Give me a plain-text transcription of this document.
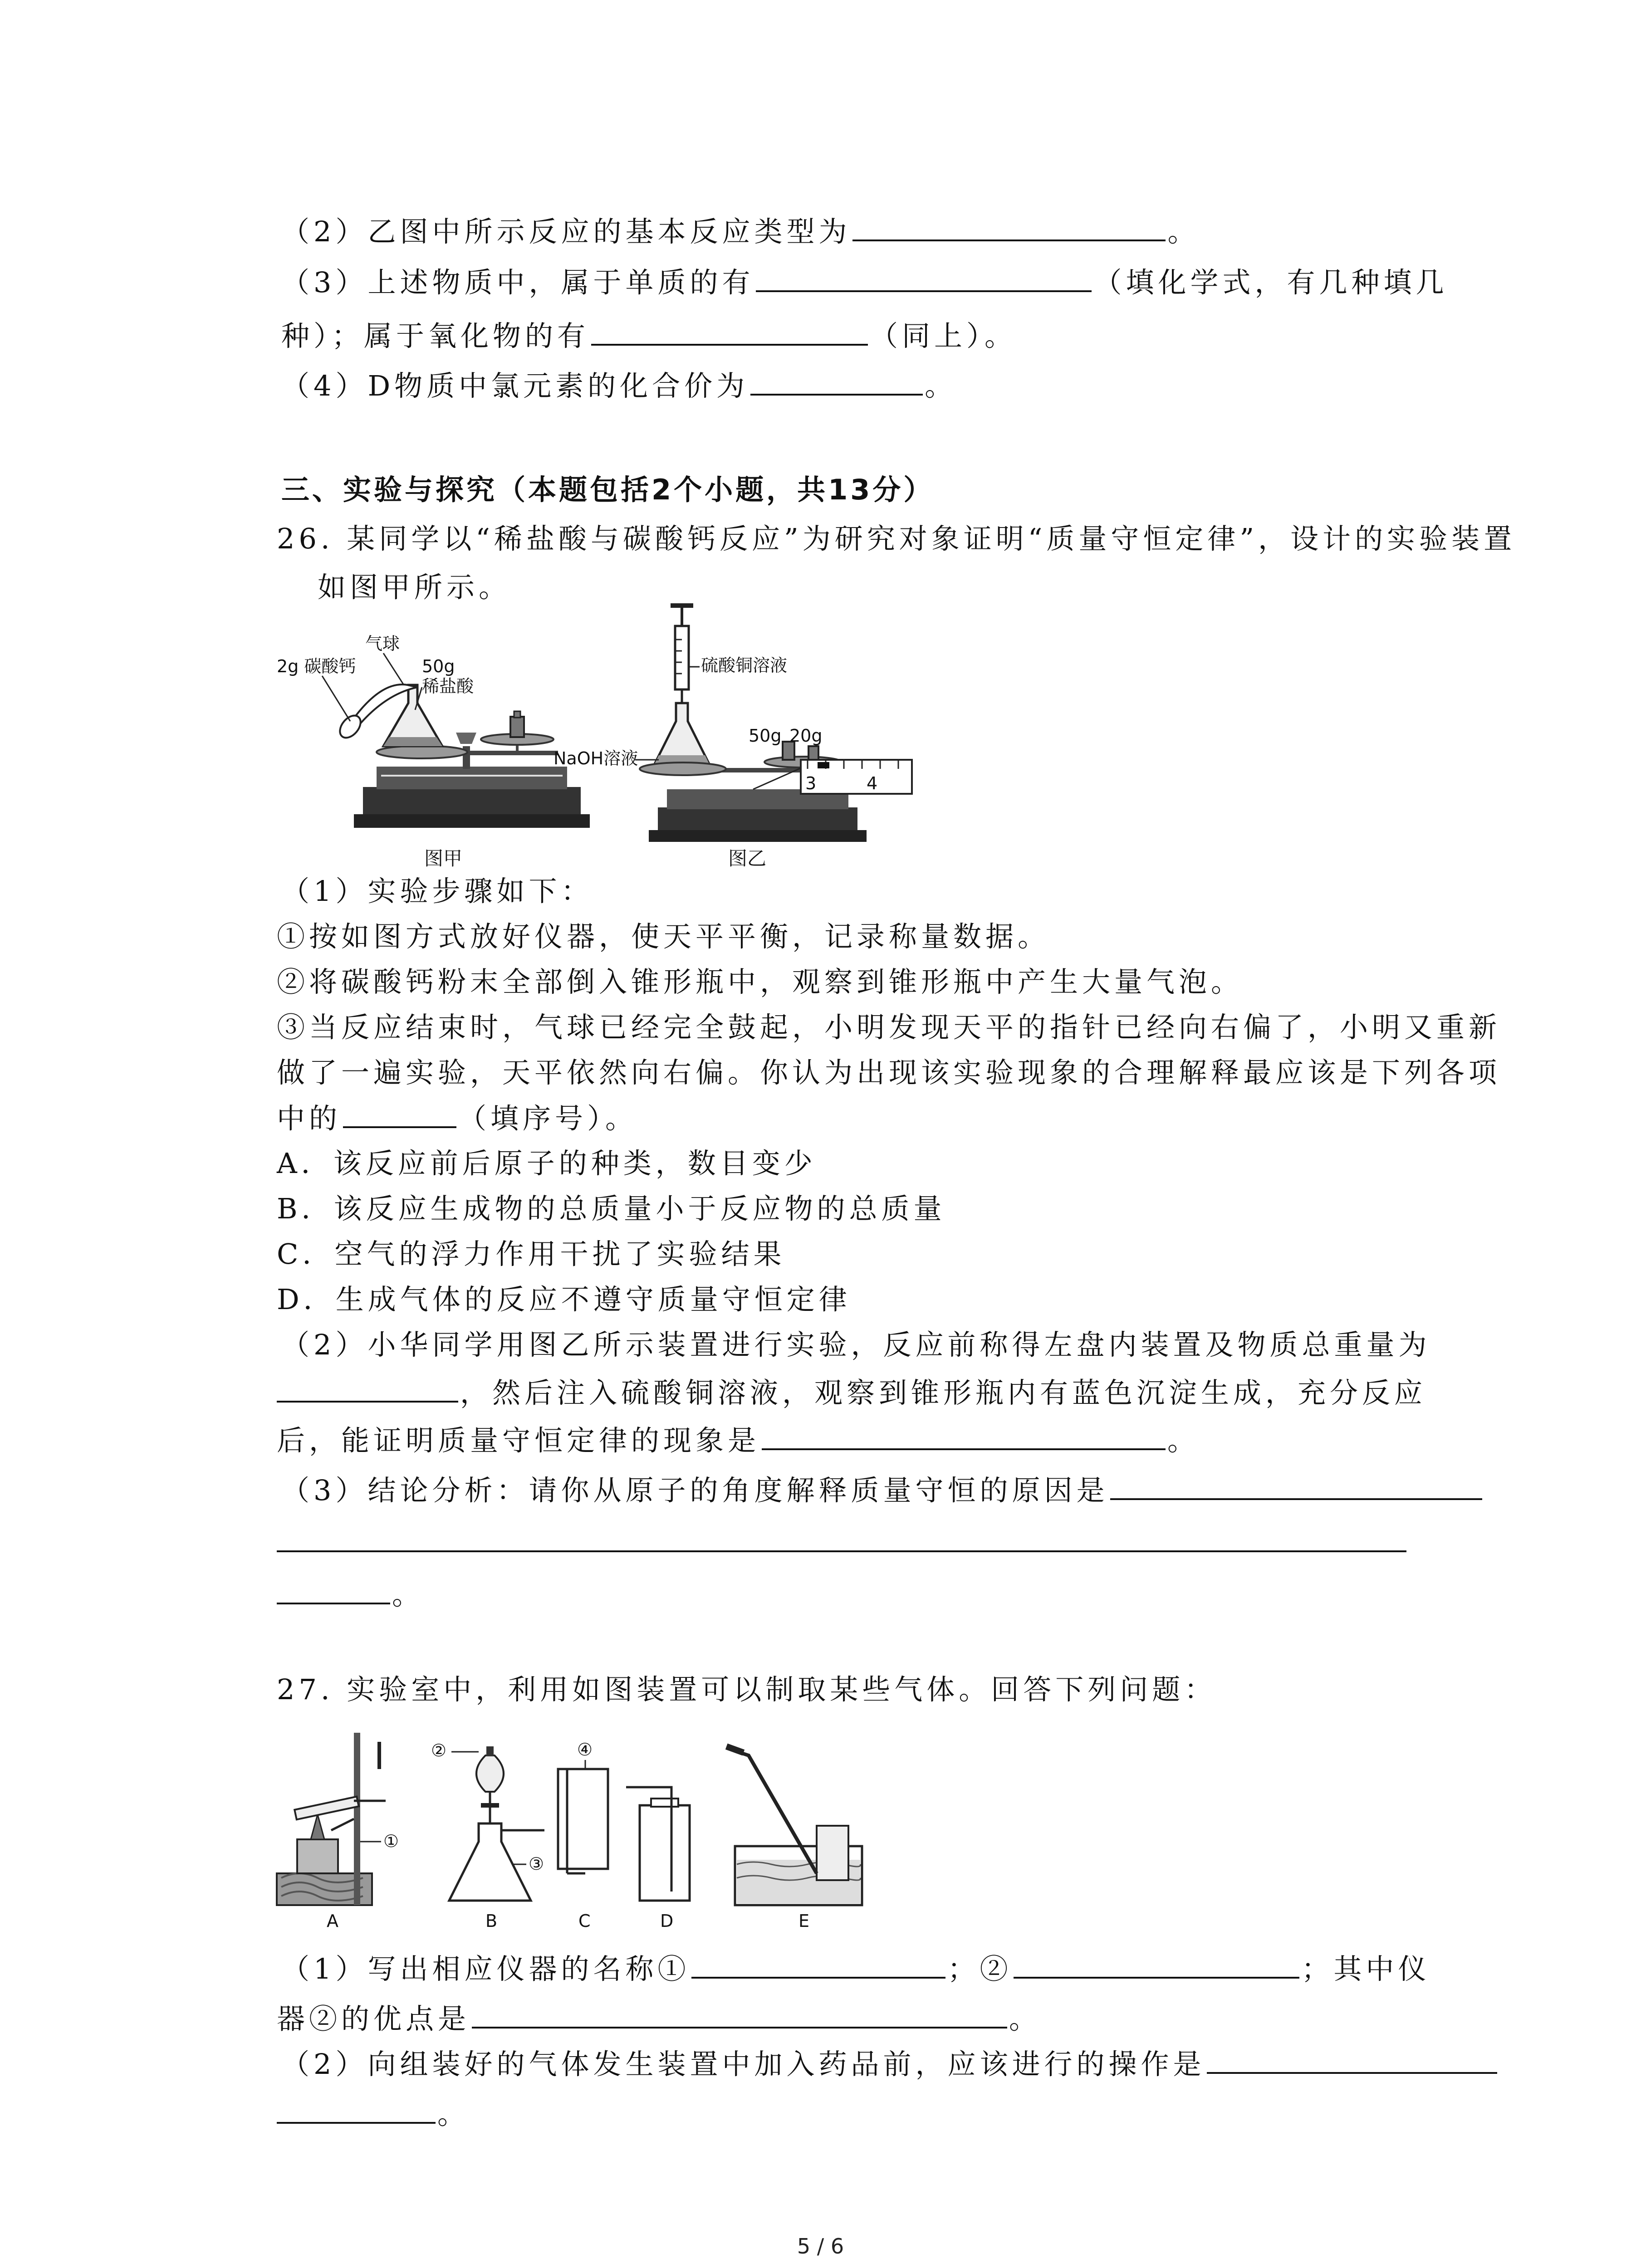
（2）乙图中所示反应的基本反应类型为	。
（3）上述物质中，属于单质的有	（填化学式，有几种填几
种）；属于氧化物的有	（同上）。
（4）D物质中氯元素的化合价为	。
三、实验与探究（本题包括2个小题，共13分）
26. 某同学以“稀盐酸与碳酸钙反应”为研究对象证明“质量守恒定律”，设计的实验装置
如图甲所示。
气球
2g 碳酸钙	50g
稀盐酸
图甲
硫酸铜溶液
NaOH溶液
50g 20g
3	4
图乙
（1）实验步骤如下：
①按如图方式放好仪器，使天平平衡，记录称量数据。
②将碳酸钙粉末全部倒入锥形瓶中，观察到锥形瓶中产生大量气泡。
③当反应结束时，气球已经完全鼓起，小明发现天平的指针已经向右偏了，小明又重新
做了一遍实验，天平依然向右偏。你认为出现该实验现象的合理解释最应该是下列各项
中的	（填序号）。
A．该反应前后原子的种类，数目变少
B．该反应生成物的总质量小于反应物的总质量
C．空气的浮力作用干扰了实验结果
D．生成气体的反应不遵守质量守恒定律
（2）小华同学用图乙所示装置进行实验，反应前称得左盘内装置及物质总重量为
，然后注入硫酸铜溶液，观察到锥形瓶内有蓝色沉淀生成，充分反应
后，能证明质量守恒定律的现象是	。
（3）结论分析：请你从原子的角度解释质量守恒的原因是
。
27. 实验室中，利用如图装置可以制取某些气体。回答下列问题：
①
A
③
②
B
④
C	D	E
（1）写出相应仪器的名称①	；②	；其中仪
器②的优点是	。
（2）向组装好的气体发生装置中加入药品前，应该进行的操作是
。
5 / 6
